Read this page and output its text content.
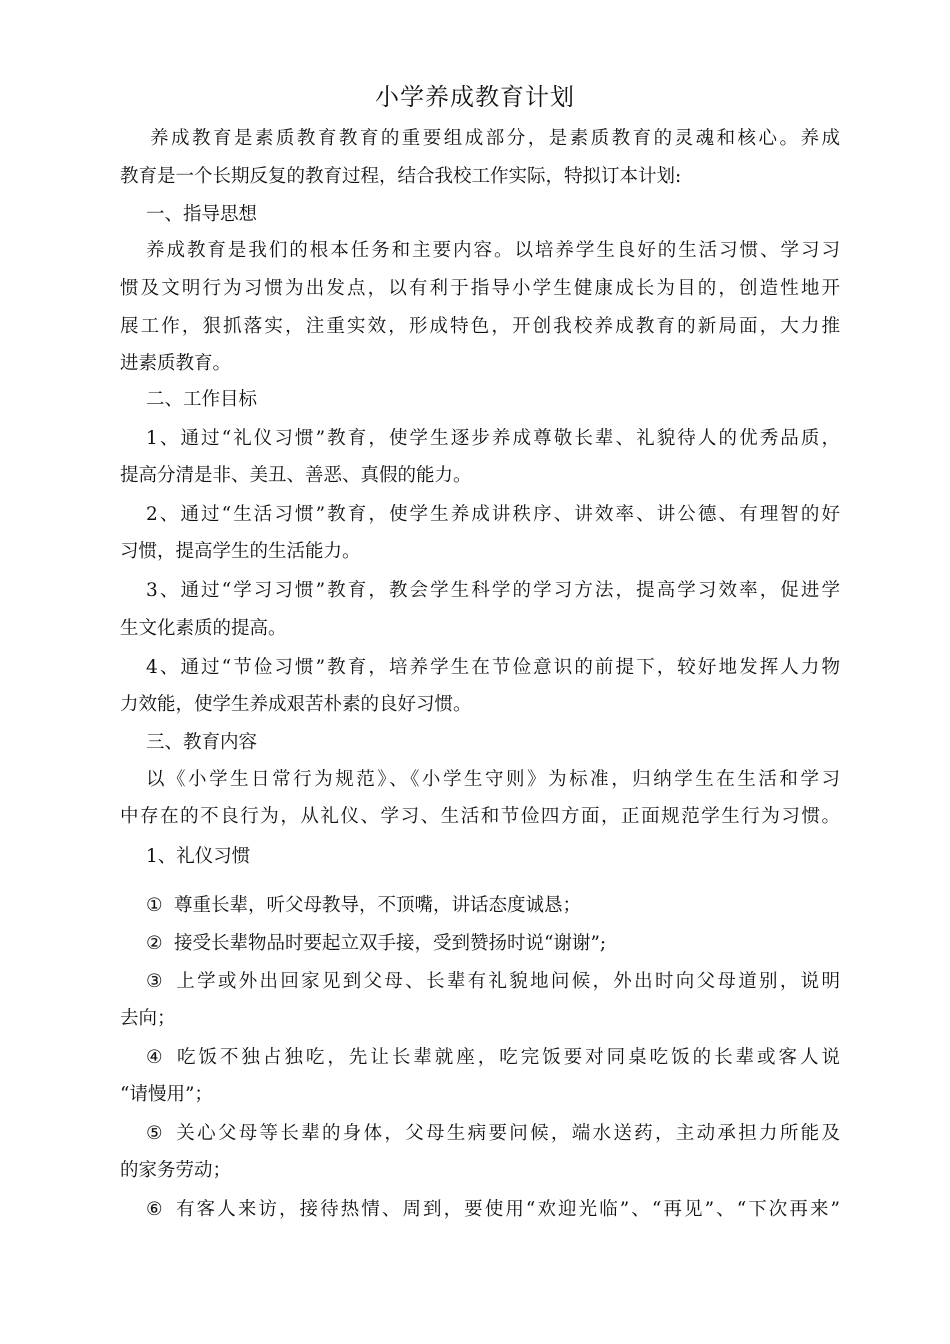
小学养成教育计划
养成教育是素质教育教育的重要组成部分，是素质教育的灵魂和核心。养成
教育是一个长期反复的教育过程，结合我校工作实际，特拟订本计划:
一、指导思想
养成教育是我们的根本任务和主要内容。以培养学生良好的生活习惯、学习习
惯及文明行为习惯为出发点，以有利于指导小学生健康成长为目的，创造性地开
展工作，狠抓落实，注重实效，形成特色，开创我校养成教育的新局面，大力推
进素质教育。
二、工作目标
1、通过“礼仪习惯”教育，使学生逐步养成尊敬长辈、礼貌待人的优秀品质，
提高分清是非、美丑、善恶、真假的能力。
2、通过“生活习惯”教育，使学生养成讲秩序、讲效率、讲公德、有理智的好
习惯，提高学生的生活能力。
3、通过“学习习惯”教育，教会学生科学的学习方法，提高学习效率，促进学
生文化素质的提高。
4、通过“节俭习惯”教育，培养学生在节俭意识的前提下，较好地发挥人力物
力效能，使学生养成艰苦朴素的良好习惯。
三、教育内容
以《小学生日常行为规范》、《小学生守则》为标准，归纳学生在生活和学习
中存在的不良行为，从礼仪、学习、生活和节俭四方面，正面规范学生行为习惯。
1、礼仪习惯
① 尊重长辈，听父母教导，不顶嘴，讲话态度诚恳；
② 接受长辈物品时要起立双手接，受到赞扬时说“谢谢”;
③ 上学或外出回家见到父母、长辈有礼貌地问候，外出时向父母道别，说明
去向；
④ 吃饭不独占独吃，先让长辈就座，吃完饭要对同桌吃饭的长辈或客人说
“请慢用”；
⑤ 关心父母等长辈的身体，父母生病要问候，端水送药，主动承担力所能及
的家务劳动；
⑥ 有客人来访，接待热情、周到，要使用“欢迎光临”、“再见”、“下次再来”
